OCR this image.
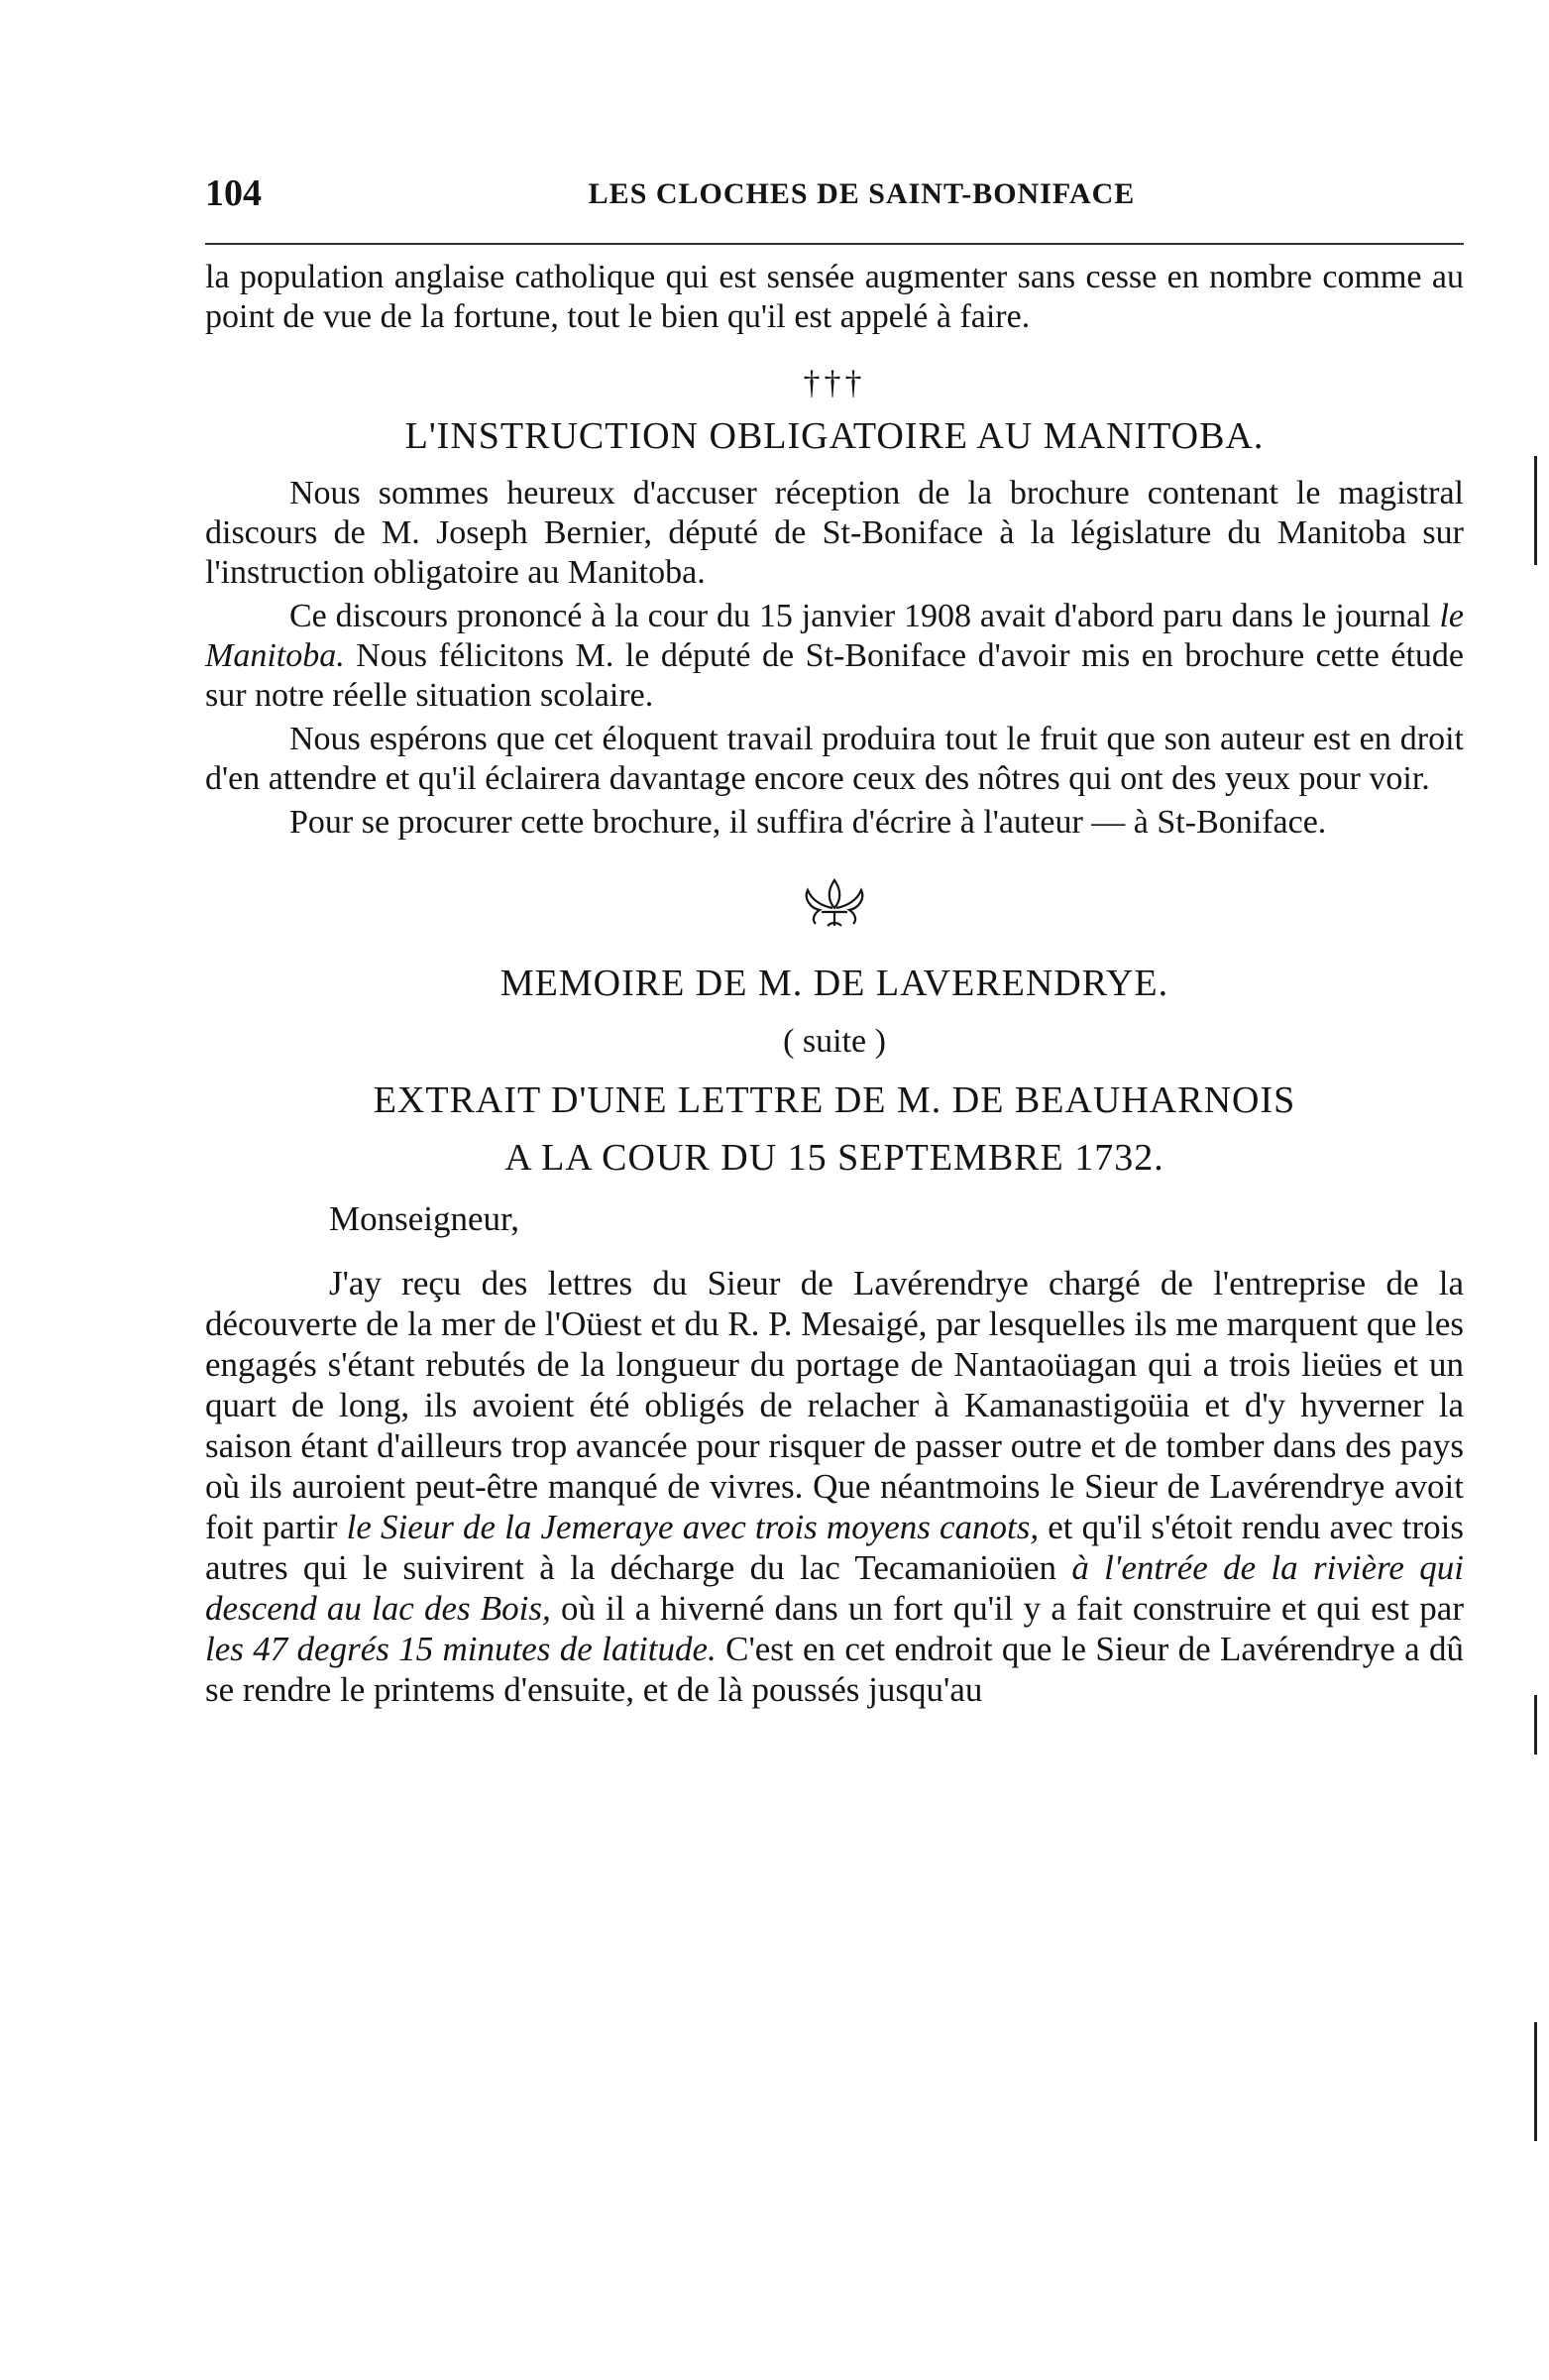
104	LES CLOCHES DE SAINT-BONIFACE

la population anglaise catholique qui est sensée augmenter sans cesse en nombre comme au point de vue de la fortune, tout le bien qu'il est appelé à faire.

†††
L'INSTRUCTION OBLIGATOIRE AU MANITOBA.

Nous sommes heureux d'accuser réception de la brochure contenant le magistral discours de M. Joseph Bernier, député de St-Boniface à la législature du Manitoba sur l'instruction obligatoire au Manitoba.

Ce discours prononcé à la cour du 15 janvier 1908 avait d'abord paru dans le journal le Manitoba. Nous félicitons M. le député de St-Boniface d'avoir mis en brochure cette étude sur notre réelle situation scolaire.

Nous espérons que cet éloquent travail produira tout le fruit que son auteur est en droit d'en attendre et qu'il éclairera davantage encore ceux des nôtres qui ont des yeux pour voir.

Pour se procurer cette brochure, il suffira d'écrire à l'auteur — à St-Boniface.

MEMOIRE DE M. DE LAVERENDRYE.
( suite )
EXTRAIT D'UNE LETTRE DE M. DE BEAUHARNOIS
A LA COUR DU 15 SEPTEMBRE 1732.
Monseigneur,

J'ay reçu des lettres du Sieur de Lavérendrye chargé de l'entreprise de la découverte de la mer de l'Oüest et du R. P. Mesaigé, par lesquelles ils me marquent que les engagés s'étant rebutés de la longueur du portage de Nantaoüagan qui a trois lieües et un quart de long, ils avoient été obligés de relacher à Kamanastigoüia et d'y hyverner la saison étant d'ailleurs trop avancée pour risquer de passer outre et de tomber dans des pays où ils auroient peut-être manqué de vivres. Que néantmoins le Sieur de Lavérendrye avoit foit partir le Sieur de la Jemeraye avec trois moyens canots, et qu'il s'étoit rendu avec trois autres qui le suivirent à la décharge du lac Tecamanioüen à l'entrée de la rivière qui descend au lac des Bois, où il a hiverné dans un fort qu'il y a fait construire et qui est par les 47 degrés 15 minutes de latitude. C'est en cet endroit que le Sieur de Lavérendrye a dû se rendre le printems d'ensuite, et de là poussés jusqu'au
